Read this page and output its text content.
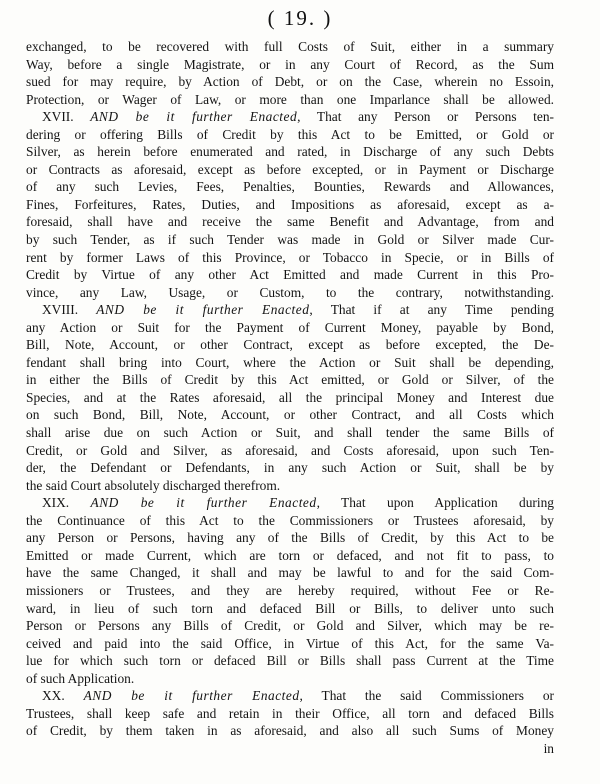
( 19. )
exchanged, to be recovered with full Costs of Suit, either in a summary
Way, before a single Magistrate, or in any Court of Record, as the Sum
sued for may require, by Action of Debt, or on the Case, wherein no Essoin,
Protection, or Wager of Law, or more than one Imparlance shall be allowed.
XVII. AND be it further Enacted, That any Person or Persons ten-
dering or offering Bills of Credit by this Act to be Emitted, or Gold or
Silver, as herein before enumerated and rated, in Discharge of any such Debts
or Contracts as aforesaid, except as before excepted, or in Payment or Discharge
of any such Levies, Fees, Penalties, Bounties, Rewards and Allowances,
Fines, Forfeitures, Rates, Duties, and Impositions as aforesaid, except as a-
foresaid, shall have and receive the same Benefit and Advantage, from and
by such Tender, as if such Tender was made in Gold or Silver made Cur-
rent by former Laws of this Province, or Tobacco in Specie, or in Bills of
Credit by Virtue of any other Act Emitted and made Current in this Pro-
vince, any Law, Usage, or Custom, to the contrary, notwithstanding.
XVIII. AND be it further Enacted, That if at any Time pending
any Action or Suit for the Payment of Current Money, payable by Bond,
Bill, Note, Account, or other Contract, except as before excepted, the De-
fendant shall bring into Court, where the Action or Suit shall be depending,
in either the Bills of Credit by this Act emitted, or Gold or Silver, of the
Species, and at the Rates aforesaid, all the principal Money and Interest due
on such Bond, Bill, Note, Account, or other Contract, and all Costs which
shall arise due on such Action or Suit, and shall tender the same Bills of
Credit, or Gold and Silver, as aforesaid, and Costs aforesaid, upon such Ten-
der, the Defendant or Defendants, in any such Action or Suit, shall be by
the said Court absolutely discharged therefrom.
XIX. AND be it further Enacted, That upon Application during
the Continuance of this Act to the Commissioners or Trustees aforesaid, by
any Person or Persons, having any of the Bills of Credit, by this Act to be
Emitted or made Current, which are torn or defaced, and not fit to pass, to
have the same Changed, it shall and may be lawful to and for the said Com-
missioners or Trustees, and they are hereby required, without Fee or Re-
ward, in lieu of such torn and defaced Bill or Bills, to deliver unto such
Person or Persons any Bills of Credit, or Gold and Silver, which may be re-
ceived and paid into the said Office, in Virtue of this Act, for the same Va-
lue for which such torn or defaced Bill or Bills shall pass Current at the Time
of such Application.
XX. AND be it further Enacted, That the said Commissioners or
Trustees, shall keep safe and retain in their Office, all torn and defaced Bills
of Credit, by them taken in as aforesaid, and also all such Sums of Money
in
